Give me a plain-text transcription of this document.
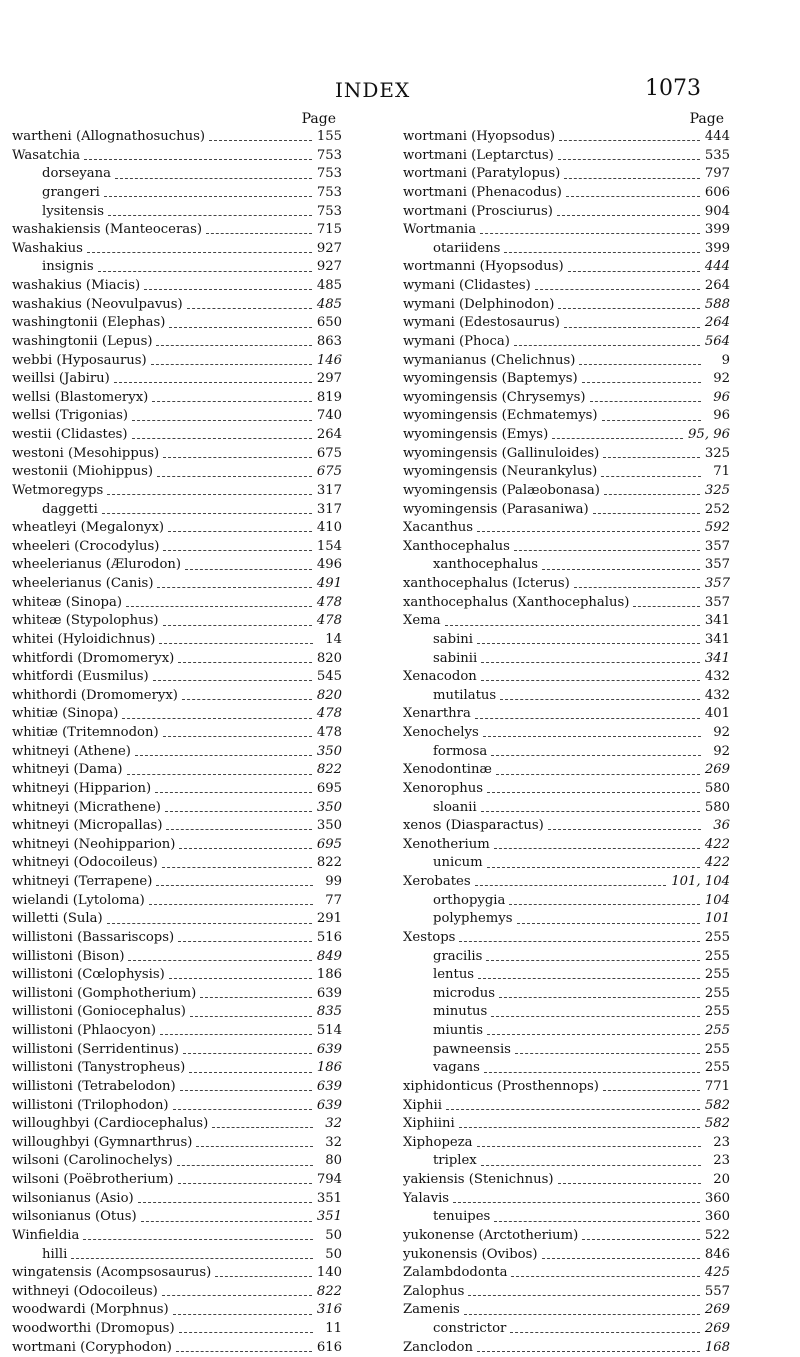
INDEX	1073
Page
wartheni (Allognathosuchus)	155
Wasatchia	753
dorseyana	753
grangeri	753
lysitensis	753
washakiensis (Manteoceras)	715
Washakius	927
insignis	927
washakius (Miacis)	485
washakius (Neovulpavus)	485
washingtonii (Elephas)	650
washingtonii (Lepus)	863
webbi (Hyposaurus)	146
weillsi (Jabiru)	297
wellsi (Blastomeryx)	819
wellsi (Trigonias)	740
westii (Clidastes)	264
westoni (Mesohippus)	675
westonii (Miohippus)	675
Wetmoregyps	317
daggetti	317
wheatleyi (Megalonyx)	410
wheeleri (Crocodylus)	154
wheelerianus (Ælurodon)	496
wheelerianus (Canis)	491
whiteæ (Sinopa)	478
whiteæ (Stypolophus)	478
whitei (Hyloidichnus)	14
whitfordi (Dromomeryx)	820
whitfordi (Eusmilus)	545
whithordi (Dromomeryx)	820
whitiæ (Sinopa)	478
whitiæ (Tritemnodon)	478
whitneyi (Athene)	350
whitneyi (Dama)	822
whitneyi (Hipparion)	695
whitneyi (Micrathene)	350
whitneyi (Micropallas)	350
whitneyi (Neohipparion)	695
whitneyi (Odocoileus)	822
whitneyi (Terrapene)	99
wielandi (Lytoloma)	77
willetti (Sula)	291
willistoni (Bassariscops)	516
willistoni (Bison)	849
willistoni (Cœlophysis)	186
willistoni (Gomphotherium)	639
willistoni (Goniocephalus)	835
willistoni (Phlaocyon)	514
willistoni (Serridentinus)	639
willistoni (Tanystropheus)	186
willistoni (Tetrabelodon)	639
willistoni (Trilophodon)	639
willoughbyi (Cardiocephalus)	32
willoughbyi (Gymnarthrus)	32
wilsoni (Carolinochelys)	80
wilsoni (Poëbrotherium)	794
wilsonianus (Asio)	351
wilsonianus (Otus)	351
Winfieldia	50
hilli	50
wingatensis (Acompsosaurus)	140
withneyi (Odocoileus)	822
woodwardi (Morphnus)	316
woodworthi (Dromopus)	11
wortmani (Coryphodon)	616
Page
wortmani (Hyopsodus)	444
wortmani (Leptarctus)	535
wortmani (Paratylopus)	797
wortmani (Phenacodus)	606
wortmani (Prosciurus)	904
Wortmania	399
otariidens	399
wortmanni (Hyopsodus)	444
wymani (Clidastes)	264
wymani (Delphinodon)	588
wymani (Edestosaurus)	264
wymani (Phoca)	564
wymanianus (Chelichnus)	9
wyomingensis (Baptemys)	92
wyomingensis (Chrysemys)	96
wyomingensis (Echmatemys)	96
wyomingensis (Emys)	95, 96
wyomingensis (Gallinuloides)	325
wyomingensis (Neurankylus)	71
wyomingensis (Palæobonasa)	325
wyomingensis (Parasaniwa)	252
Xacanthus	592
Xanthocephalus	357
xanthocephalus	357
xanthocephalus (Icterus)	357
xanthocephalus (Xanthocephalus)	357
Xema	341
sabini	341
sabinii	341
Xenacodon	432
mutilatus	432
Xenarthra	401
Xenochelys	92
formosa	92
Xenodontinæ	269
Xenorophus	580
sloanii	580
xenos (Diasparactus)	36
Xenotherium	422
unicum	422
Xerobates	101, 104
orthopygia	104
polyphemys	101
Xestops	255
gracilis	255
lentus	255
microdus	255
minutus	255
miuntis	255
pawneensis	255
vagans	255
xiphidonticus (Prosthennops)	771
Xiphii	582
Xiphiini	582
Xiphopeza	23
triplex	23
yakiensis (Stenichnus)	20
Yalavis	360
tenuipes	360
yukonense (Arctotherium)	522
yukonensis (Ovibos)	846
Zalambdodonta	425
Zalophus	557
Zamenis	269
constrictor	269
Zanclodon	168
